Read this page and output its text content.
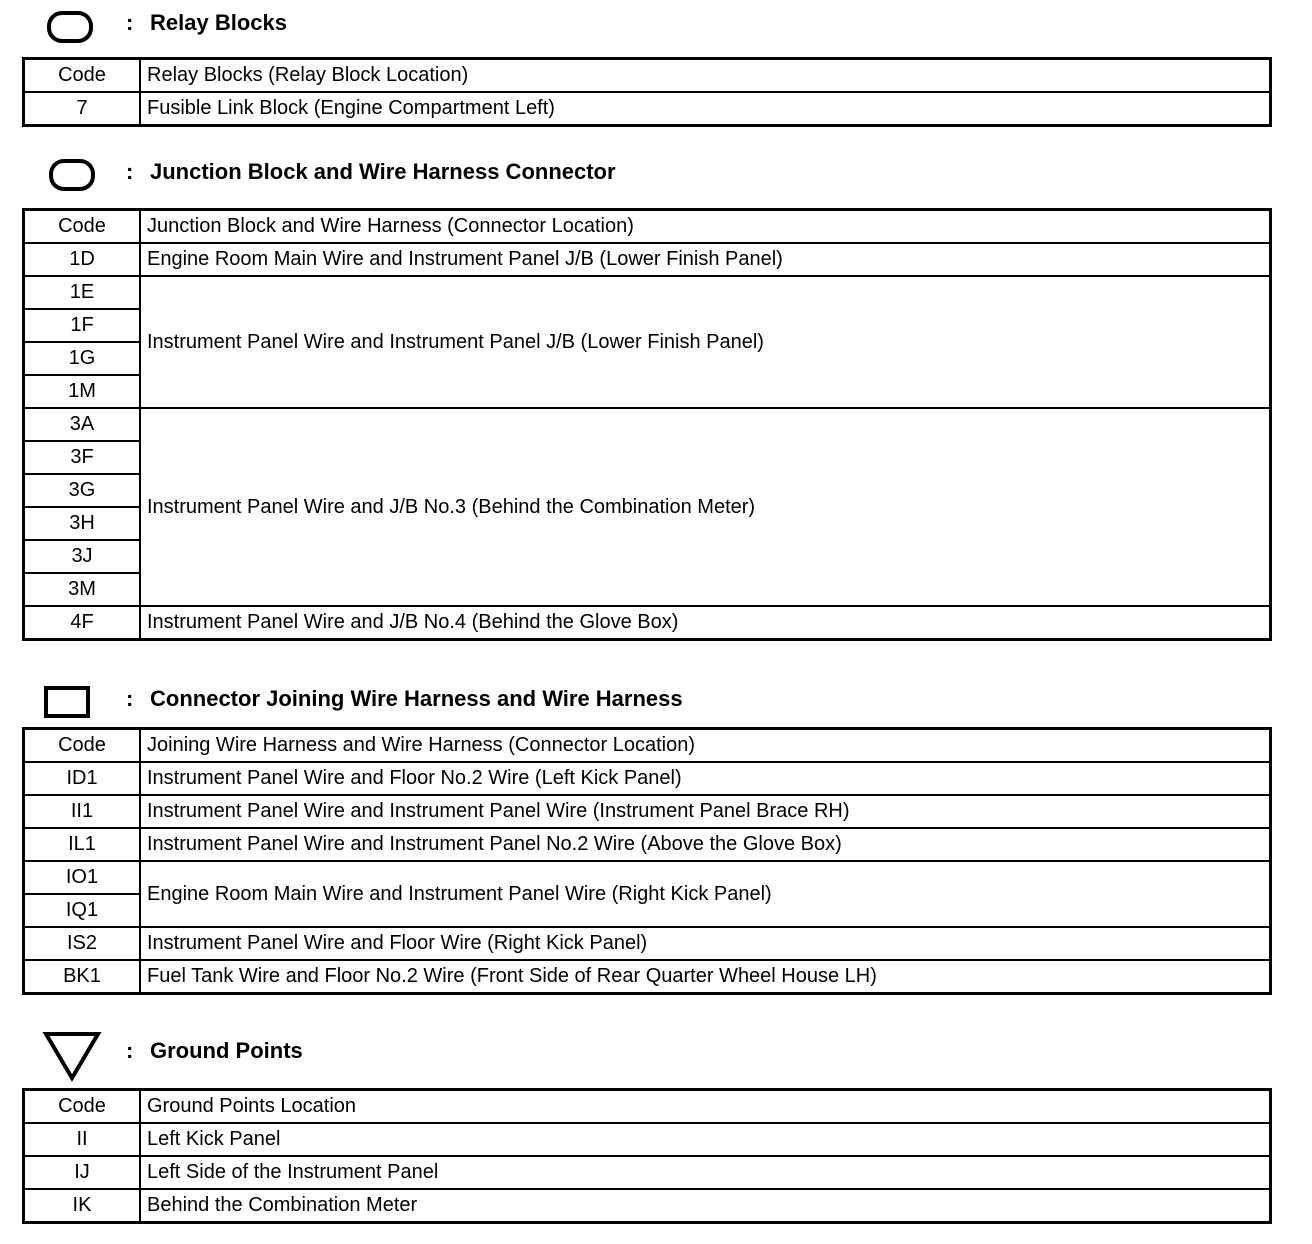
: Relay Blocks
Code	Relay Blocks (Relay Block Location)
7	Fusible Link Block (Engine Compartment Left)
: Junction Block and Wire Harness Connector
Code	Junction Block and Wire Harness (Connector Location)
1D	Engine Room Main Wire and Instrument Panel J/B (Lower Finish Panel)
1E	Instrument Panel Wire and Instrument Panel J/B (Lower Finish Panel)
1F	
1G	
1M	
3A	Instrument Panel Wire and J/B No.3 (Behind the Combination Meter)
3F	
3G	
3H	
3J	
3M	
4F	Instrument Panel Wire and J/B No.4 (Behind the Glove Box)
: Connector Joining Wire Harness and Wire Harness
Code	Joining Wire Harness and Wire Harness (Connector Location)
ID1	Instrument Panel Wire and Floor No.2 Wire (Left Kick Panel)
II1	Instrument Panel Wire and Instrument Panel Wire (Instrument Panel Brace RH)
IL1	Instrument Panel Wire and Instrument Panel No.2 Wire (Above the Glove Box)
IO1	Engine Room Main Wire and Instrument Panel Wire (Right Kick Panel)
IQ1	
IS2	Instrument Panel Wire and Floor Wire (Right Kick Panel)
BK1	Fuel Tank Wire and Floor No.2 Wire (Front Side of Rear Quarter Wheel House LH)
: Ground Points
Code	Ground Points Location
II	Left Kick Panel
IJ	Left Side of the Instrument Panel
IK	Behind the Combination Meter
